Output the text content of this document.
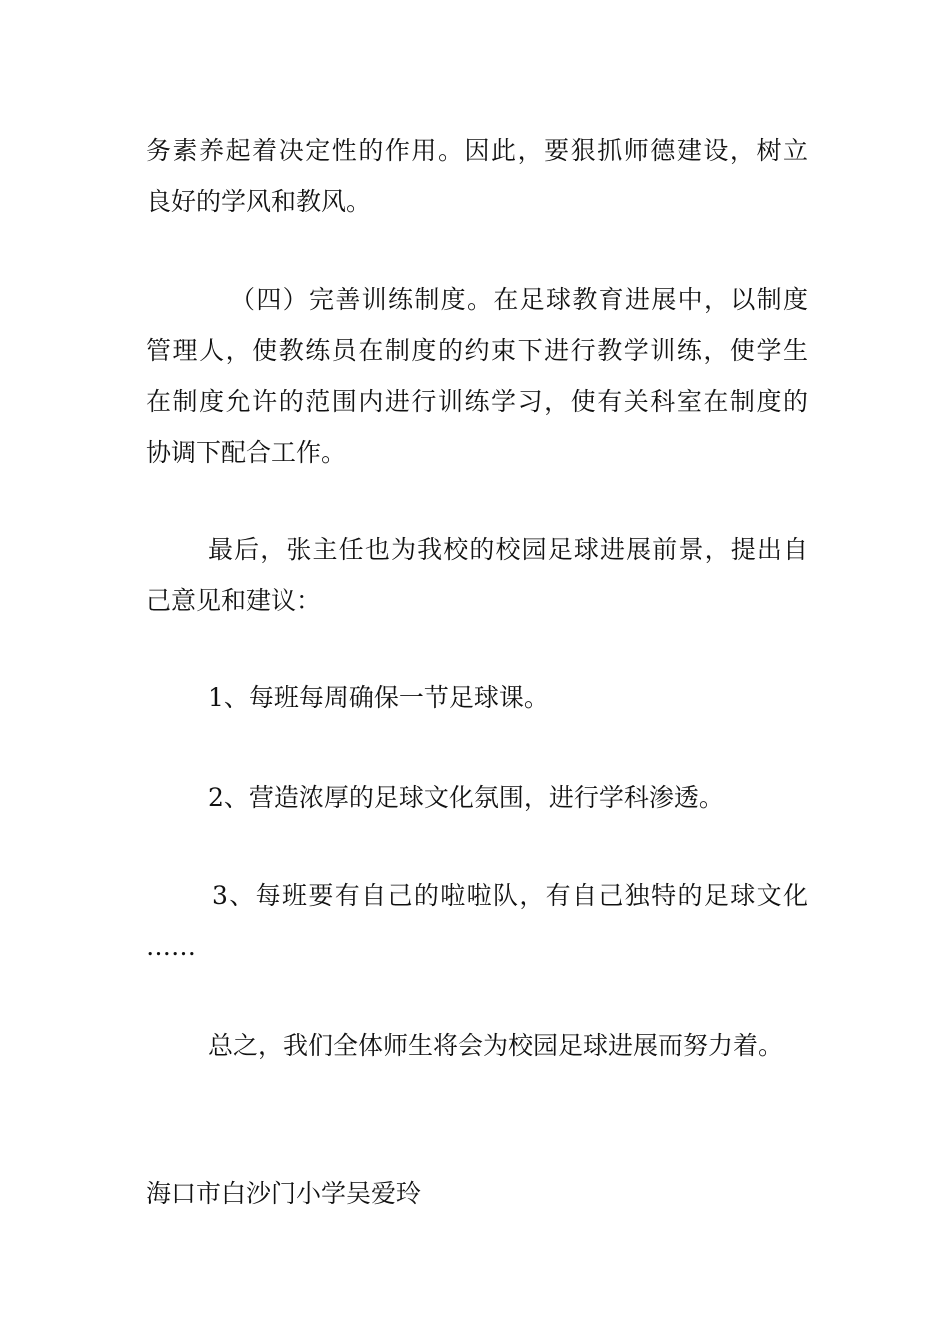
务素养起着决定性的作用。因此，要狠抓师德建设，树立
良好的学风和教风。
（四）完善训练制度。在足球教育进展中，以制度
管理人，使教练员在制度的约束下进行教学训练，使学生
在制度允许的范围内进行训练学习，使有关科室在制度的
协调下配合工作。
最后，张主任也为我校的校园足球进展前景，提出自
己意见和建议：
1、每班每周确保一节足球课。
2、营造浓厚的足球文化氛围，进行学科渗透。
3、每班要有自己的啦啦队，有自己独特的足球文化
……
总之，我们全体师生将会为校园足球进展而努力着。
海口市白沙门小学吴爱玲
